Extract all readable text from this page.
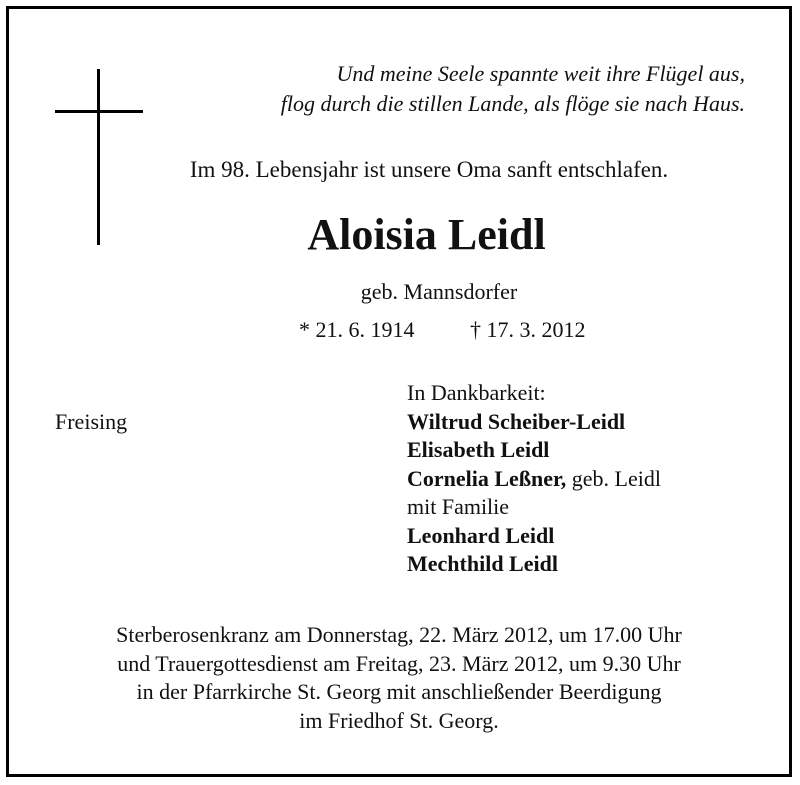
Und meine Seele spannte weit ihre Flügel aus,
flog durch die stillen Lande, als flöge sie nach Haus.
Im 98. Lebensjahr ist unsere Oma sanft entschlafen.
Aloisia Leidl
geb. Mannsdorfer
* 21. 6. 1914	† 17. 3. 2012
Freising
In Dankbarkeit:
Wiltrud Scheiber-Leidl
Elisabeth Leidl
Cornelia Leßner, geb. Leidl
mit Familie
Leonhard Leidl
Mechthild Leidl
Sterberosenkranz am Donnerstag, 22. März 2012, um 17.00 Uhr
und Trauergottesdienst am Freitag, 23. März 2012, um 9.30 Uhr
in der Pfarrkirche St. Georg mit anschließender Beerdigung
im Friedhof St. Georg.
